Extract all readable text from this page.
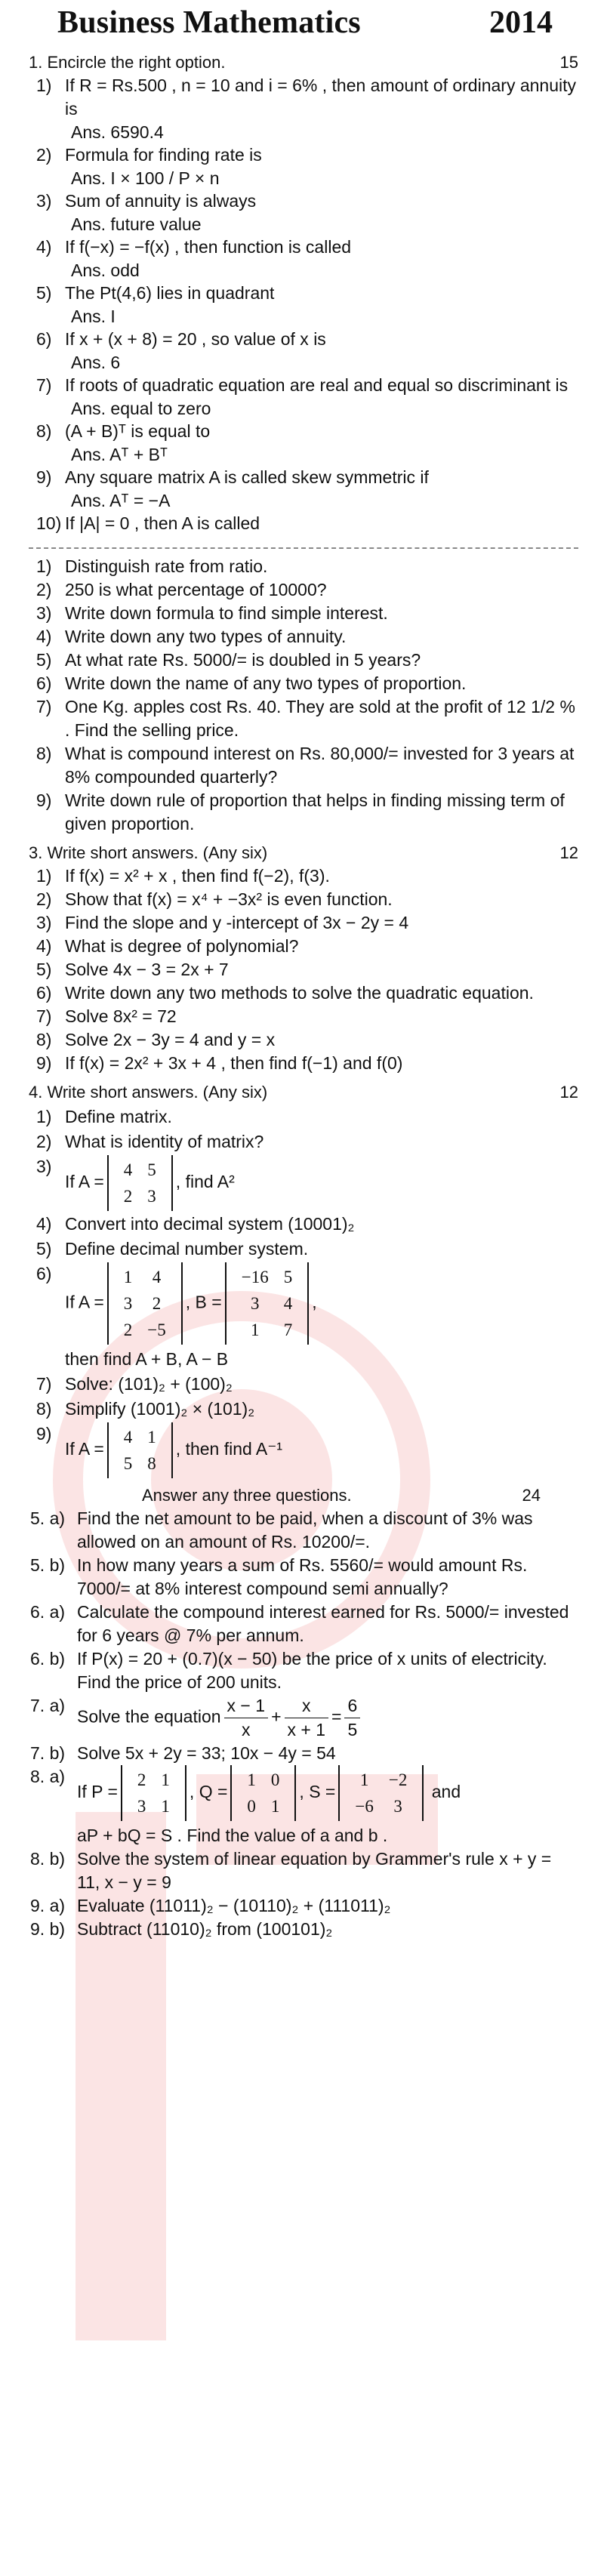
Business Mathematics	2014
1. Encircle the right option.	15
1) If R = Rs.500 , n = 10 and i = 6% , then amount of ordinary annuity is
Ans. 6590.4
2) Formula for finding rate is
Ans. I × 100 / P × n
3) Sum of annuity is always
Ans. future value
4) If f(−x) = −f(x) , then function is called
Ans. odd
5) The Pt(4,6) lies in quadrant
Ans. I
6) If x + (x + 8) = 20 , so value of x is
Ans. 6
7) If roots of quadratic equation are real and equal so discriminant is
Ans. equal to zero
8) (A + B)ᵀ is equal to
Ans. Aᵀ + Bᵀ
9) Any square matrix A is called skew symmetric if
Ans. Aᵀ = −A
10) If |A| = 0 , then A is called
1) Distinguish rate from ratio.
2) 250 is what percentage of 10000?
3) Write down formula to find simple interest.
4) Write down any two types of annuity.
5) At what rate Rs. 5000/= is doubled in 5 years?
6) Write down the name of any two types of proportion.
7) One Kg. apples cost Rs. 40. They are sold at the profit of 12 1/2 % . Find the selling price.
8) What is compound interest on Rs. 80,000/= invested for 3 years at 8% compounded quarterly?
9) Write down rule of proportion that helps in finding missing term of given proportion.
3. Write short answers. (Any six)	12
1) If f(x) = x² + x , then find f(−2), f(3).
2) Show that f(x) = x⁴ + −3x² is even function.
3) Find the slope and y -intercept of 3x − 2y = 4
4) What is degree of polynomial?
5) Solve 4x − 3 = 2x + 7
6) Write down any two methods to solve the quadratic equation.
7) Solve 8x² = 72
8) Solve 2x − 3y = 4 and y = x
9) If f(x) = 2x² + 3x + 4 , then find f(−1) and f(0)
4. Write short answers. (Any six)	12
1) Define matrix.
2) What is identity of matrix?
3)
If A =
4	5
2	3
, find A²
4) Convert into decimal system (10001)₂
5) Define decimal number system.
6)
If A =
1	4
3	2
2	−5
, B =
−16	5
3	4
1	7
,
then find A + B, A − B
7) Solve: (101)₂ + (100)₂
8) Simplify (1001)₂ × (101)₂
9)
If A =
4	1
5	8
, then find A⁻¹
Answer any three questions.	24
5. a) Find the net amount to be paid, when a discount of 3% was allowed on an amount of Rs. 10200/=.
5. b) In how many years a sum of Rs. 5560/= would amount Rs. 7000/= at 8% interest compound semi annually?
6. a) Calculate the compound interest earned for Rs. 5000/= invested for 6 years @ 7% per annum.
6. b) If P(x) = 20 + (0.7)(x − 50) be the price of x units of electricity. Find the price of 200 units.
7. a)
Solve the equation $\frac{x - 1}{x} + \frac{x}{x + 1} = \frac{6}{5}$
7. b) Solve 5x + 2y = 33; 10x − 4y = 54
8. a)
If P =
2	1
3	1
, Q =
1	0
0	1
, S =
1	−2
−6	3
and
aP + bQ = S . Find the value of a and b .
8. b) Solve the system of linear equation by Grammer's rule x + y = 11, x − y = 9
9. a) Evaluate (11011)₂ − (10110)₂ + (111011)₂
9. b) Subtract (11010)₂ from (100101)₂
